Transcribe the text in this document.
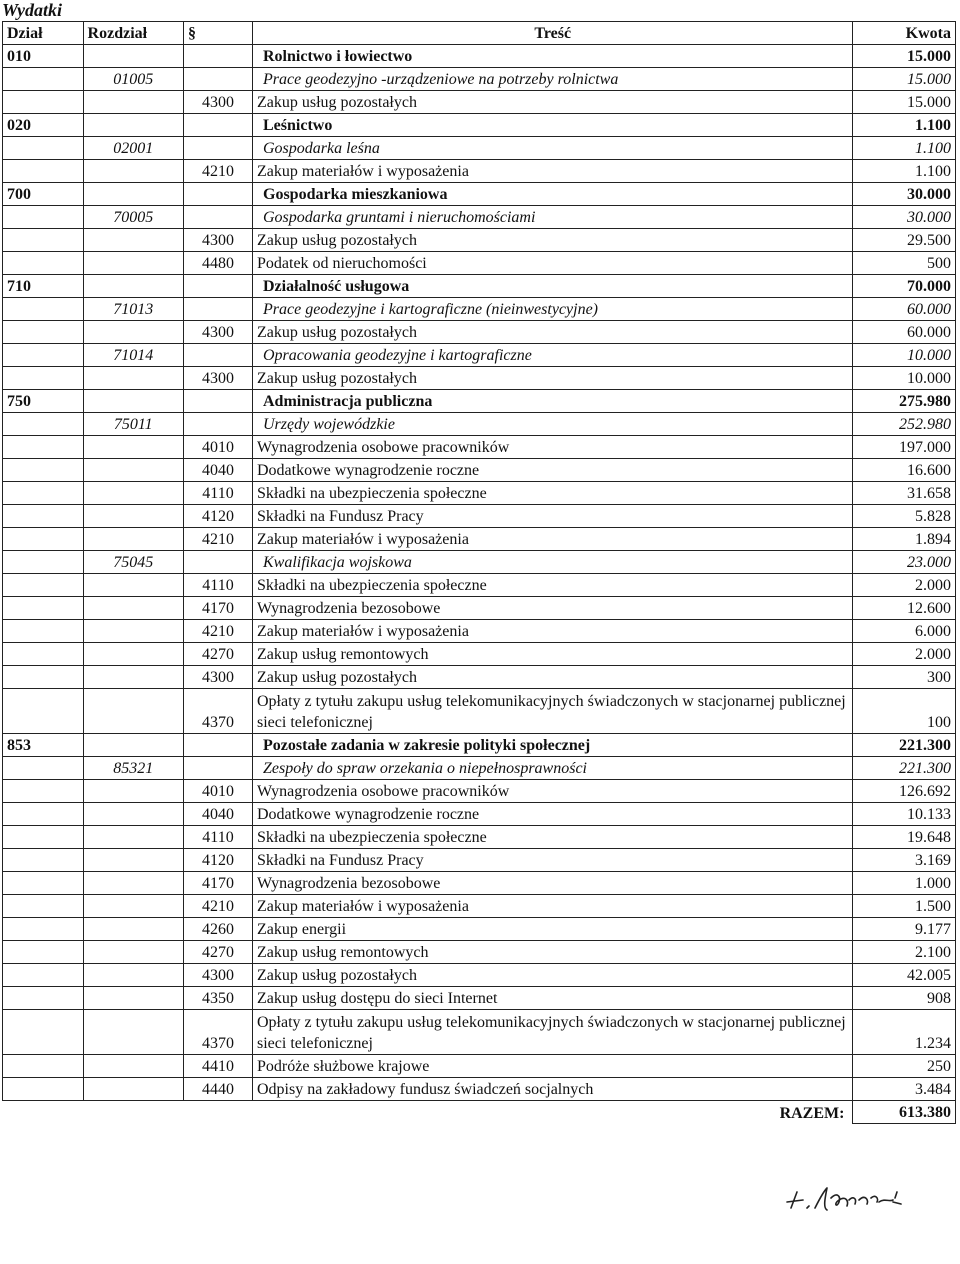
Wydatki
Dział	Rozdział	§	Treść	Kwota
010			Rolnictwo i łowiectwo	15.000
	01005		Prace geodezyjno -urządzeniowe na potrzeby rolnictwa	15.000
		4300	Zakup usług pozostałych	15.000
020			Leśnictwo	1.100
	02001		Gospodarka leśna	1.100
		4210	Zakup materiałów i wyposażenia	1.100
700			Gospodarka mieszkaniowa	30.000
	70005		Gospodarka gruntami i nieruchomościami	30.000
		4300	Zakup usług pozostałych	29.500
		4480	Podatek od nieruchomości	500
710			Działalność usługowa	70.000
	71013		Prace geodezyjne i kartograficzne (nieinwestycyjne)	60.000
		4300	Zakup usług pozostałych	60.000
	71014		Opracowania geodezyjne i kartograficzne	10.000
		4300	Zakup usług pozostałych	10.000
750			Administracja publiczna	275.980
	75011		Urzędy wojewódzkie	252.980
		4010	Wynagrodzenia osobowe pracowników	197.000
		4040	Dodatkowe wynagrodzenie roczne	16.600
		4110	Składki na ubezpieczenia społeczne	31.658
		4120	Składki na Fundusz Pracy	5.828
		4210	Zakup materiałów i wyposażenia	1.894
	75045		Kwalifikacja wojskowa	23.000
		4110	Składki na ubezpieczenia społeczne	2.000
		4170	Wynagrodzenia bezosobowe	12.600
		4210	Zakup materiałów i wyposażenia	6.000
		4270	Zakup usług remontowych	2.000
		4300	Zakup usług pozostałych	300
		4370	Opłaty z tytułu zakupu usług telekomunikacyjnych świadczonych w stacjonarnej publicznej sieci telefonicznej	100
853			Pozostałe zadania w zakresie polityki społecznej	221.300
	85321		Zespoły do spraw orzekania o niepełnosprawności	221.300
		4010	Wynagrodzenia osobowe pracowników	126.692
		4040	Dodatkowe wynagrodzenie roczne	10.133
		4110	Składki na ubezpieczenia społeczne	19.648
		4120	Składki na Fundusz Pracy	3.169
		4170	Wynagrodzenia bezosobowe	1.000
		4210	Zakup materiałów i wyposażenia	1.500
		4260	Zakup energii	9.177
		4270	Zakup usług remontowych	2.100
		4300	Zakup usług pozostałych	42.005
		4350	Zakup usług dostępu do sieci Internet	908
		4370	Opłaty z tytułu zakupu usług telekomunikacyjnych świadczonych w stacjonarnej publicznej sieci telefonicznej	1.234
		4410	Podróże służbowe krajowe	250
		4440	Odpisy na zakładowy fundusz świadczeń socjalnych	3.484
			RAZEM:	613.380
